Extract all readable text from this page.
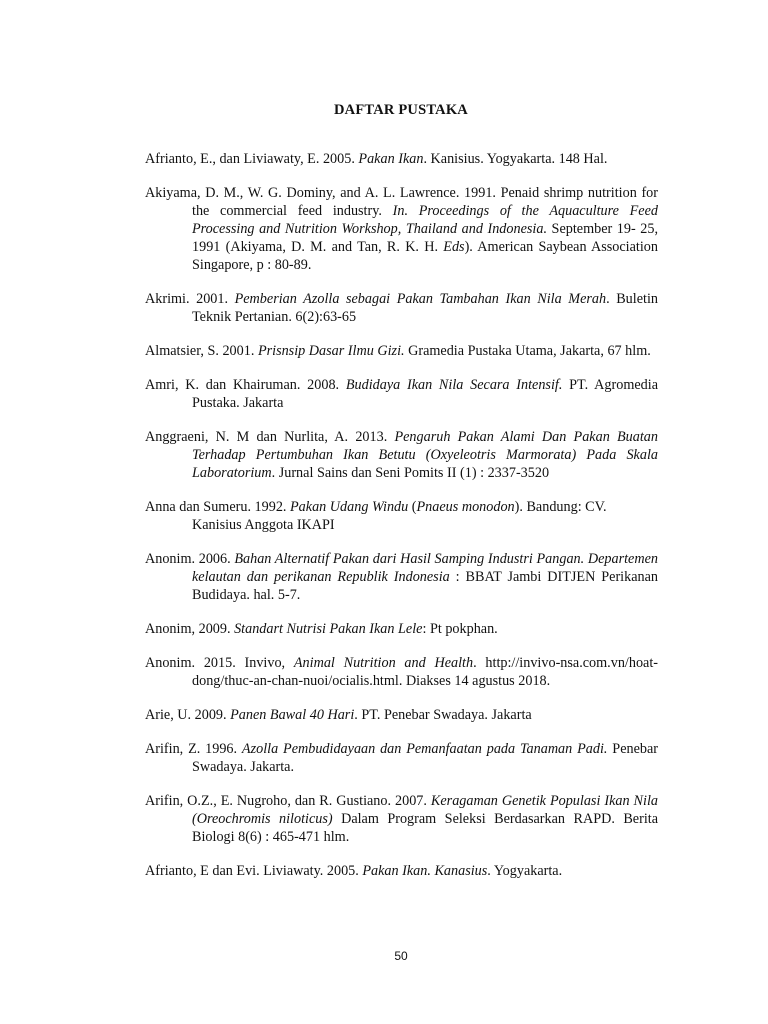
DAFTAR PUSTAKA

Afrianto, E., dan Liviawaty, E. 2005. Pakan Ikan. Kanisius. Yogyakarta. 148 Hal.

Akiyama, D. M., W. G. Dominy, and A. L. Lawrence. 1991. Penaid shrimp nutrition for the commercial feed industry. In. Proceedings of the Aquaculture Feed Processing and Nutrition Workshop, Thailand and Indonesia. September 19- 25, 1991 (Akiyama, D. M. and Tan, R. K. H. Eds). American Saybean Association Singapore, p : 80-89.

Akrimi. 2001. Pemberian Azolla sebagai Pakan Tambahan Ikan Nila Merah. Buletin Teknik Pertanian. 6(2):63-65

Almatsier, S. 2001. Prisnsip Dasar Ilmu Gizi. Gramedia Pustaka Utama, Jakarta, 67 hlm.

Amri, K. dan Khairuman. 2008. Budidaya Ikan Nila Secara Intensif. PT. Agromedia Pustaka. Jakarta

Anggraeni, N. M dan Nurlita, A. 2013. Pengaruh Pakan Alami Dan Pakan Buatan Terhadap Pertumbuhan Ikan Betutu (Oxyeleotris Marmorata) Pada Skala Laboratorium. Jurnal Sains dan Seni Pomits II (1) : 2337-3520

Anna dan Sumeru. 1992. Pakan Udang Windu (Pnaeus monodon). Bandung: CV. Kanisius Anggota IKAPI

Anonim. 2006. Bahan Alternatif Pakan dari Hasil Samping Industri Pangan. Departemen kelautan dan perikanan Republik Indonesia : BBAT Jambi DITJEN Perikanan Budidaya. hal. 5-7.

Anonim, 2009. Standart Nutrisi Pakan Ikan Lele: Pt pokphan.

Anonim. 2015. Invivo, Animal Nutrition and Health. http://invivo-nsa.com.vn/hoat-dong/thuc-an-chan-nuoi/ocialis.html. Diakses 14 agustus 2018.

Arie, U. 2009. Panen Bawal 40 Hari. PT. Penebar Swadaya. Jakarta

Arifin, Z. 1996. Azolla Pembudidayaan dan Pemanfaatan pada Tanaman Padi. Penebar Swadaya. Jakarta.

Arifin, O.Z., E. Nugroho, dan R. Gustiano. 2007. Keragaman Genetik Populasi Ikan Nila (Oreochromis niloticus) Dalam Program Seleksi Berdasarkan RAPD. Berita Biologi 8(6) : 465-471 hlm.

Afrianto, E dan Evi. Liviawaty. 2005. Pakan Ikan. Kanasius. Yogyakarta.

50
